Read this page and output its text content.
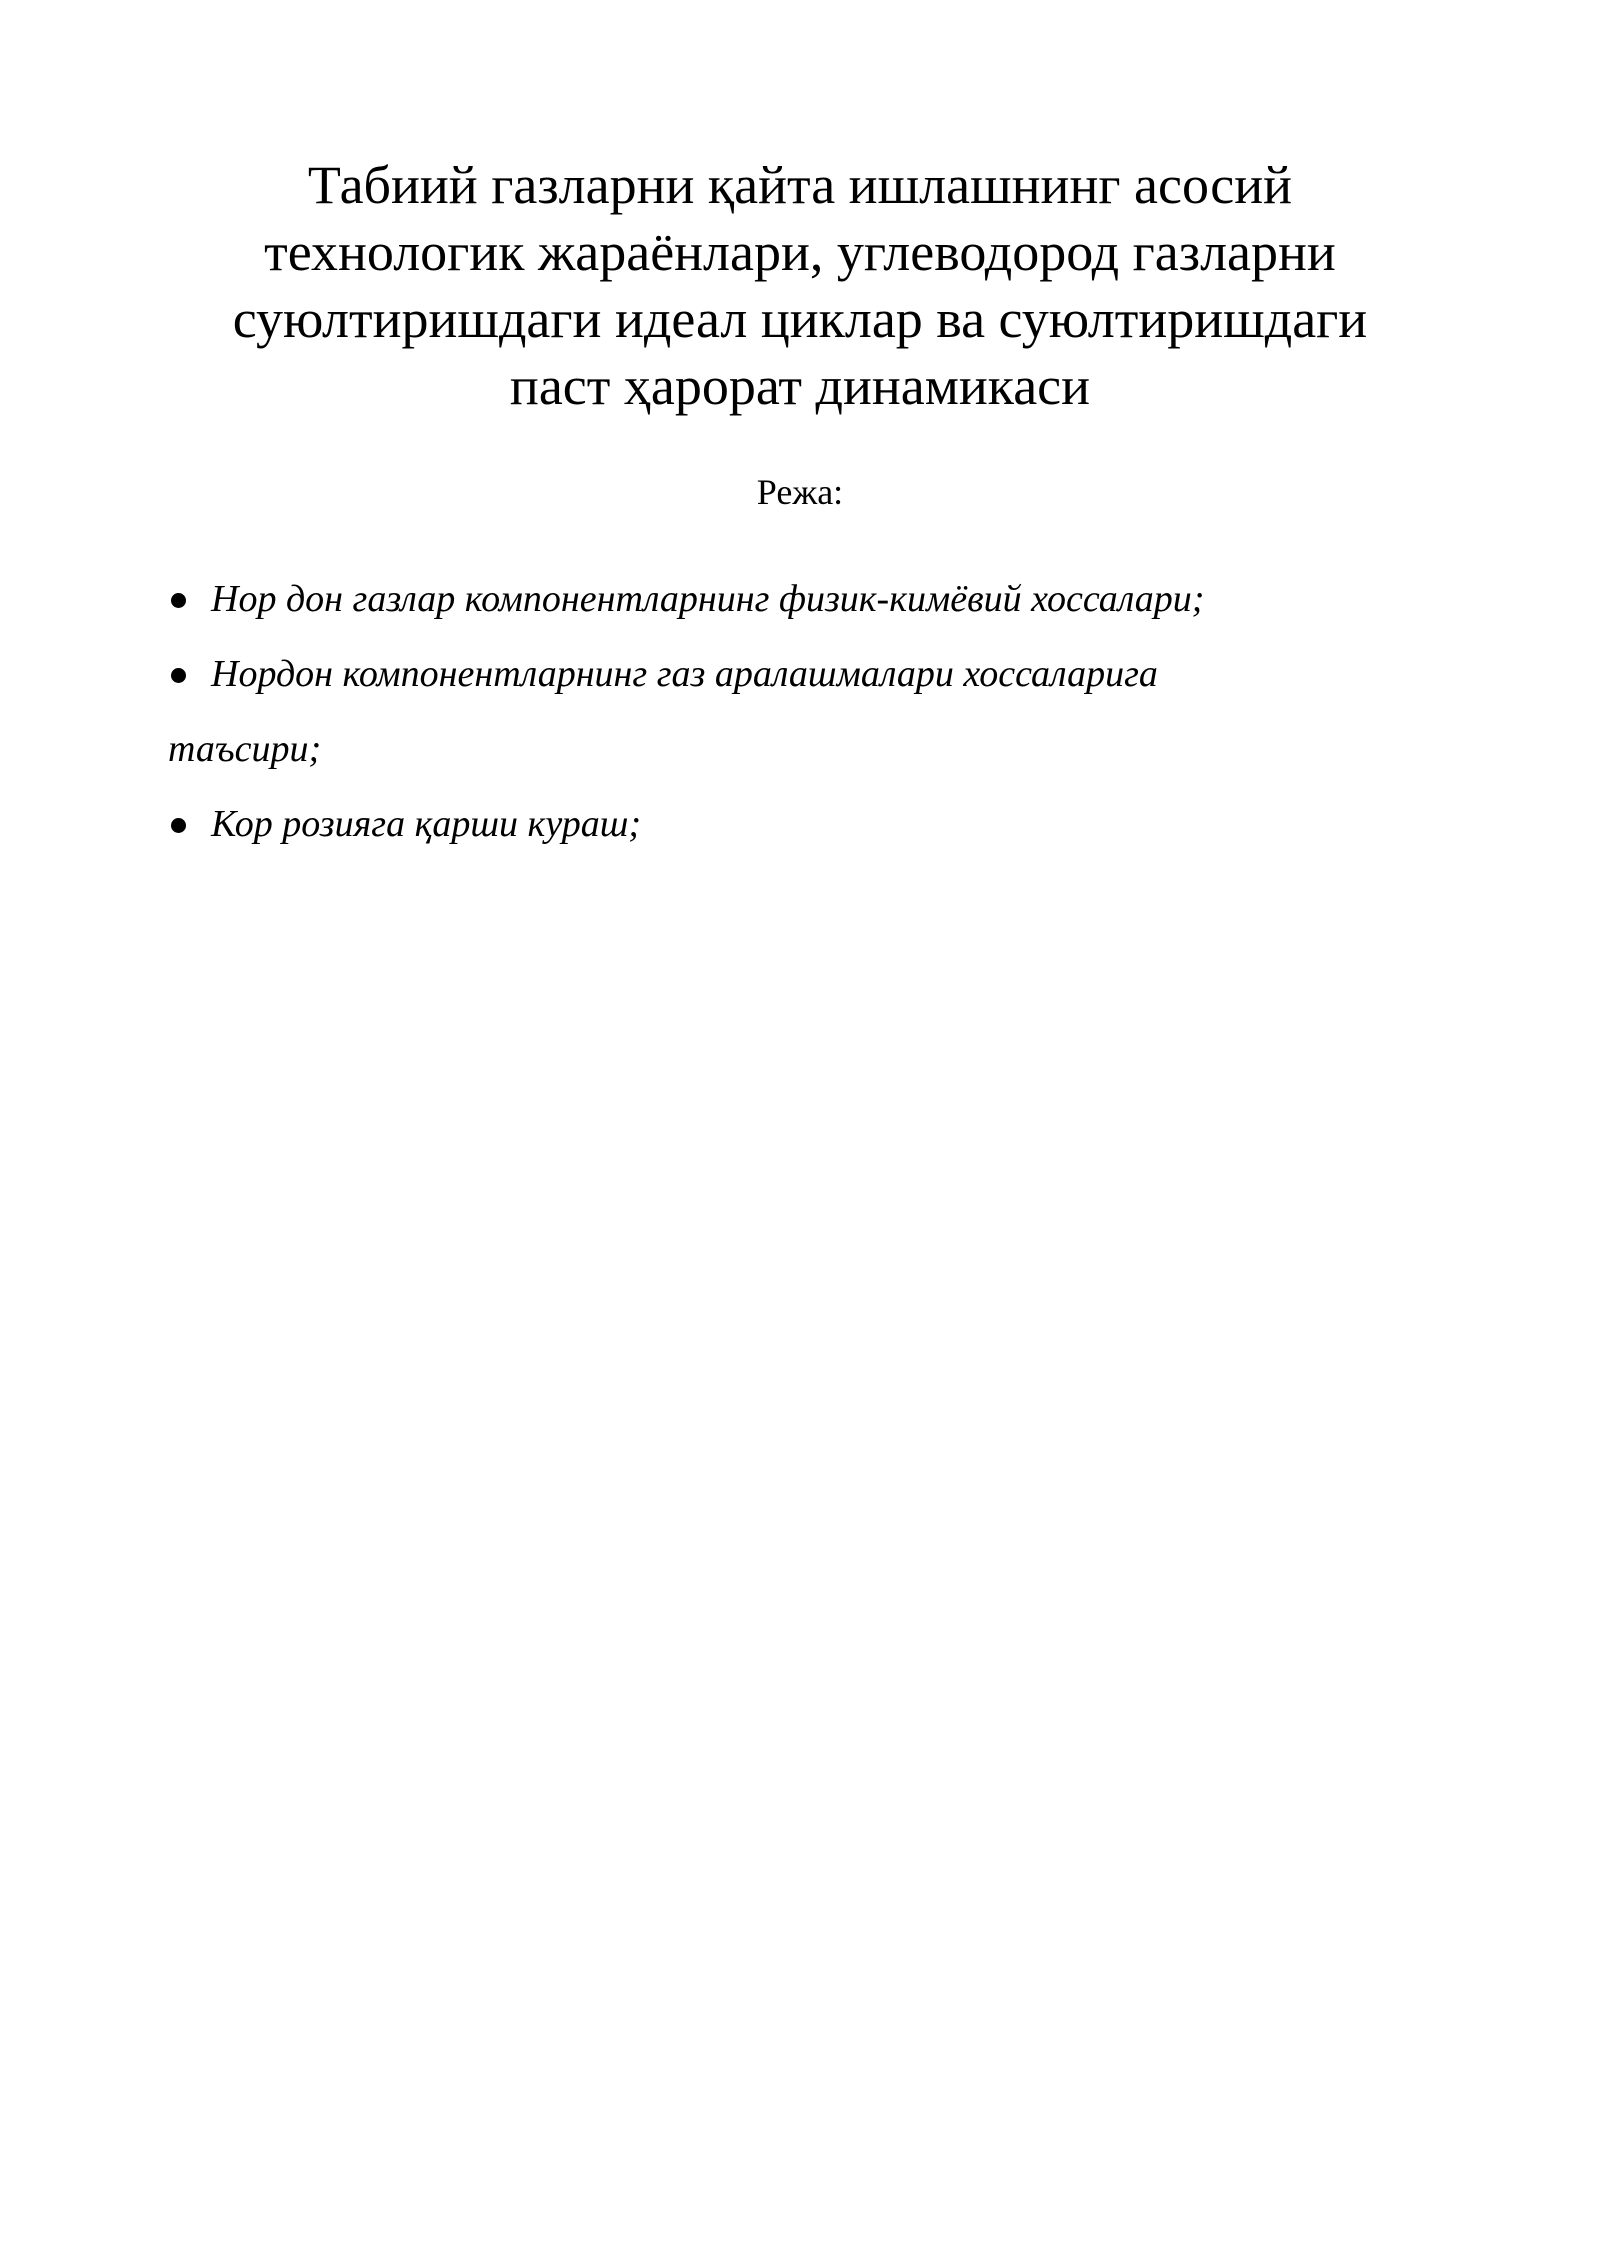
Табиий газларни қайта ишлашнинг асосий
технологик жараёнлари, углеводород газларни
суюлтиришдаги идеал циклар ва суюлтиришдаги
паст ҳарорат динамикаси
Режа:
Нор дон газлар компонентларнинг физик-кимёвий хоссалари;
Нордон компонентларнинг газ аралашмалари хоссаларига
таъсири;
Кор розияга қарши кураш;
